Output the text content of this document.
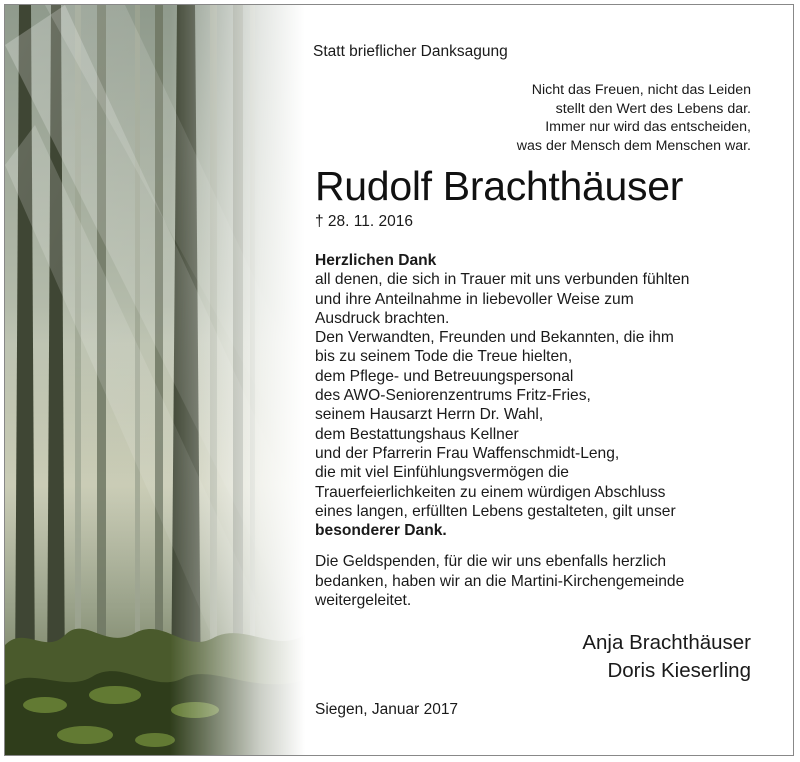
Statt brieflicher Danksagung
Nicht das Freuen, nicht das Leiden
stellt den Wert des Lebens dar.
Immer nur wird das entscheiden,
was der Mensch dem Menschen war.
Rudolf Brachthäuser
† 28. 11. 2016
Herzlichen Dank
all denen, die sich in Trauer mit uns verbunden fühlten
und ihre Anteilnahme in liebevoller Weise zum
Ausdruck brachten.
Den Verwandten, Freunden und Bekannten, die ihm
bis zu seinem Tode die Treue hielten,
dem Pflege- und Betreuungspersonal
des AWO-Seniorenzentrums Fritz-Fries,
seinem Hausarzt Herrn Dr. Wahl,
dem Bestattungshaus Kellner
und der Pfarrerin Frau Waffenschmidt-Leng,
die mit viel Einfühlungsvermögen die
Trauerfeierlichkeiten zu einem würdigen Abschluss
eines langen, erfüllten Lebens gestalteten, gilt unser
besonderer Dank.
Die Geldspenden, für die wir uns ebenfalls herzlich
bedanken, haben wir an die Martini-Kirchengemeinde
weitergeleitet.
Anja Brachthäuser
Doris Kieserling
Siegen, Januar 2017
